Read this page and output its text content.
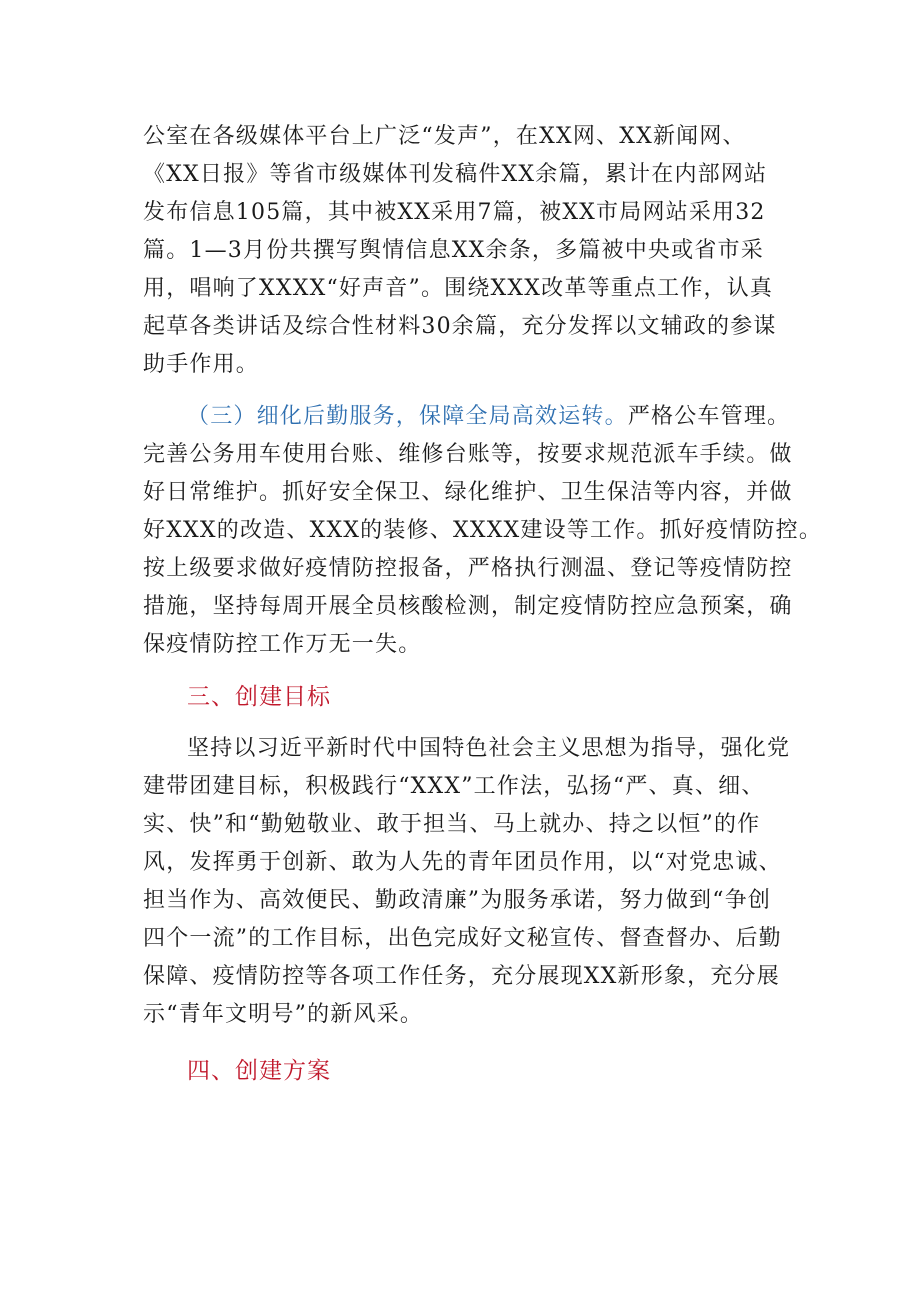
公室在各级媒体平台上广泛“发声”，在XX网、XX新闻网、
《XX日报》等省市级媒体刊发稿件XX余篇，累计在内部网站
发布信息105篇，其中被XX采用7篇，被XX市局网站采用32
篇。1—3月份共撰写舆情信息XX余条，多篇被中央或省市采
用，唱响了XXXX“好声音”。围绕XXX改革等重点工作，认真
起草各类讲话及综合性材料30余篇，充分发挥以文辅政的参谋
助手作用。
（三）细化后勤服务，保障全局高效运转。严格公车管理。
完善公务用车使用台账、维修台账等，按要求规范派车手续。做
好日常维护。抓好安全保卫、绿化维护、卫生保洁等内容，并做
好XXX的改造、XXX的装修、XXXX建设等工作。抓好疫情防控。
按上级要求做好疫情防控报备，严格执行测温、登记等疫情防控
措施，坚持每周开展全员核酸检测，制定疫情防控应急预案，确
保疫情防控工作万无一失。
三、创建目标
坚持以习近平新时代中国特色社会主义思想为指导，强化党
建带团建目标，积极践行“XXX”工作法，弘扬“严、真、细、
实、快”和“勤勉敬业、敢于担当、马上就办、持之以恒”的作
风，发挥勇于创新、敢为人先的青年团员作用，以“对党忠诚、
担当作为、高效便民、勤政清廉”为服务承诺，努力做到“争创
四个一流”的工作目标，出色完成好文秘宣传、督查督办、后勤
保障、疫情防控等各项工作任务，充分展现XX新形象，充分展
示“青年文明号”的新风采。
四、创建方案
